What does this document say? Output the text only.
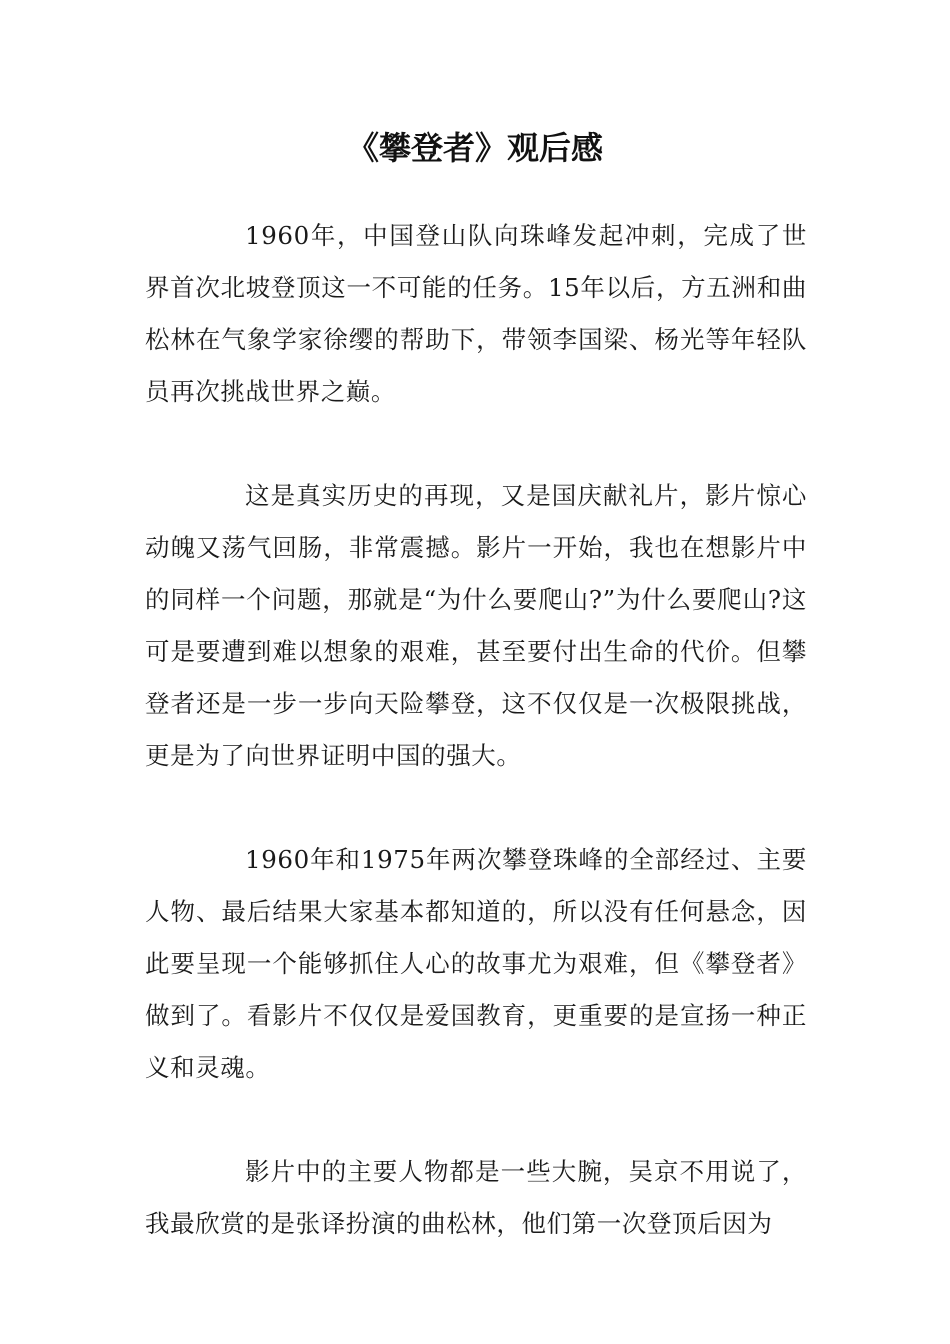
《攀登者》观后感

1960年，中国登山队向珠峰发起冲刺，完成了世界首次北坡登顶这一不可能的任务。15年以后，方五洲和曲松林在气象学家徐缨的帮助下，带领李国梁、杨光等年轻队员再次挑战世界之巅。

这是真实历史的再现，又是国庆献礼片，影片惊心动魄又荡气回肠，非常震撼。影片一开始，我也在想影片中的同样一个问题，那就是“为什么要爬山?”为什么要爬山?这可是要遭到难以想象的艰难，甚至要付出生命的代价。但攀登者还是一步一步向天险攀登，这不仅仅是一次极限挑战，更是为了向世界证明中国的强大。

1960年和1975年两次攀登珠峰的全部经过、主要人物、最后结果大家基本都知道的，所以没有任何悬念，因此要呈现一个能够抓住人心的故事尤为艰难，但《攀登者》做到了。看影片不仅仅是爱国教育，更重要的是宣扬一种正义和灵魂。

影片中的主要人物都是一些大腕，吴京不用说了，我最欣赏的是张译扮演的曲松林，他们第一次登顶后因为
